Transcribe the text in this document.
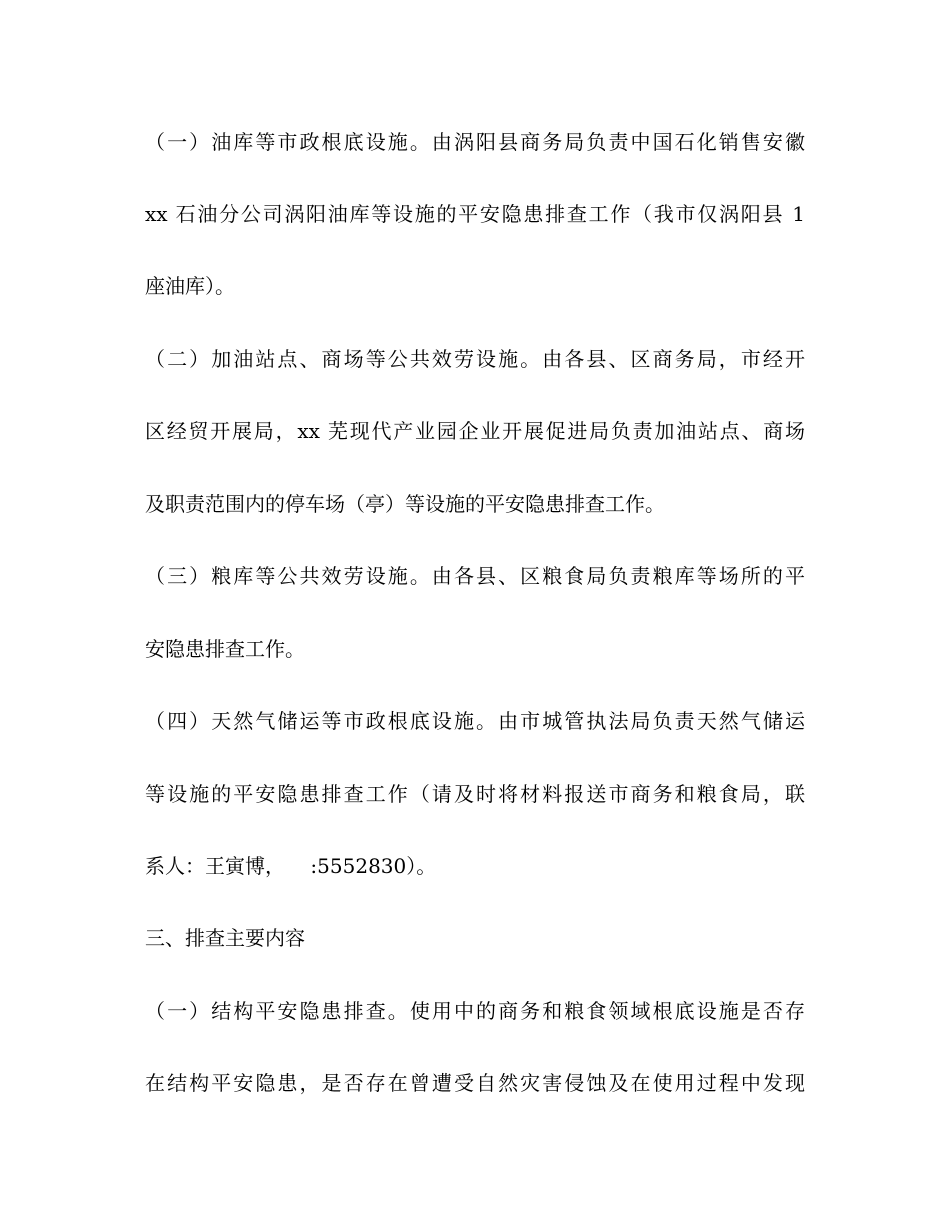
（一）油库等市政根底设施。由涡阳县商务局负责中国石化销售安徽
xx 石油分公司涡阳油库等设施的平安隐患排查工作（我市仅涡阳县 1
座油库）。
（二）加油站点、商场等公共效劳设施。由各县、区商务局，市经开
区经贸开展局，xx 芜现代产业园企业开展促进局负责加油站点、商场
及职责范围内的停车场（亭）等设施的平安隐患排查工作。
（三）粮库等公共效劳设施。由各县、区粮食局负责粮库等场所的平
安隐患排查工作。
（四）天然气储运等市政根底设施。由市城管执法局负责天然气储运
等设施的平安隐患排查工作（请及时将材料报送市商务和粮食局，联
系人：王寅博，    :5552830）。
三、排查主要内容
（一）结构平安隐患排查。使用中的商务和粮食领域根底设施是否存
在结构平安隐患，是否存在曾遭受自然灾害侵蚀及在使用过程中发现
